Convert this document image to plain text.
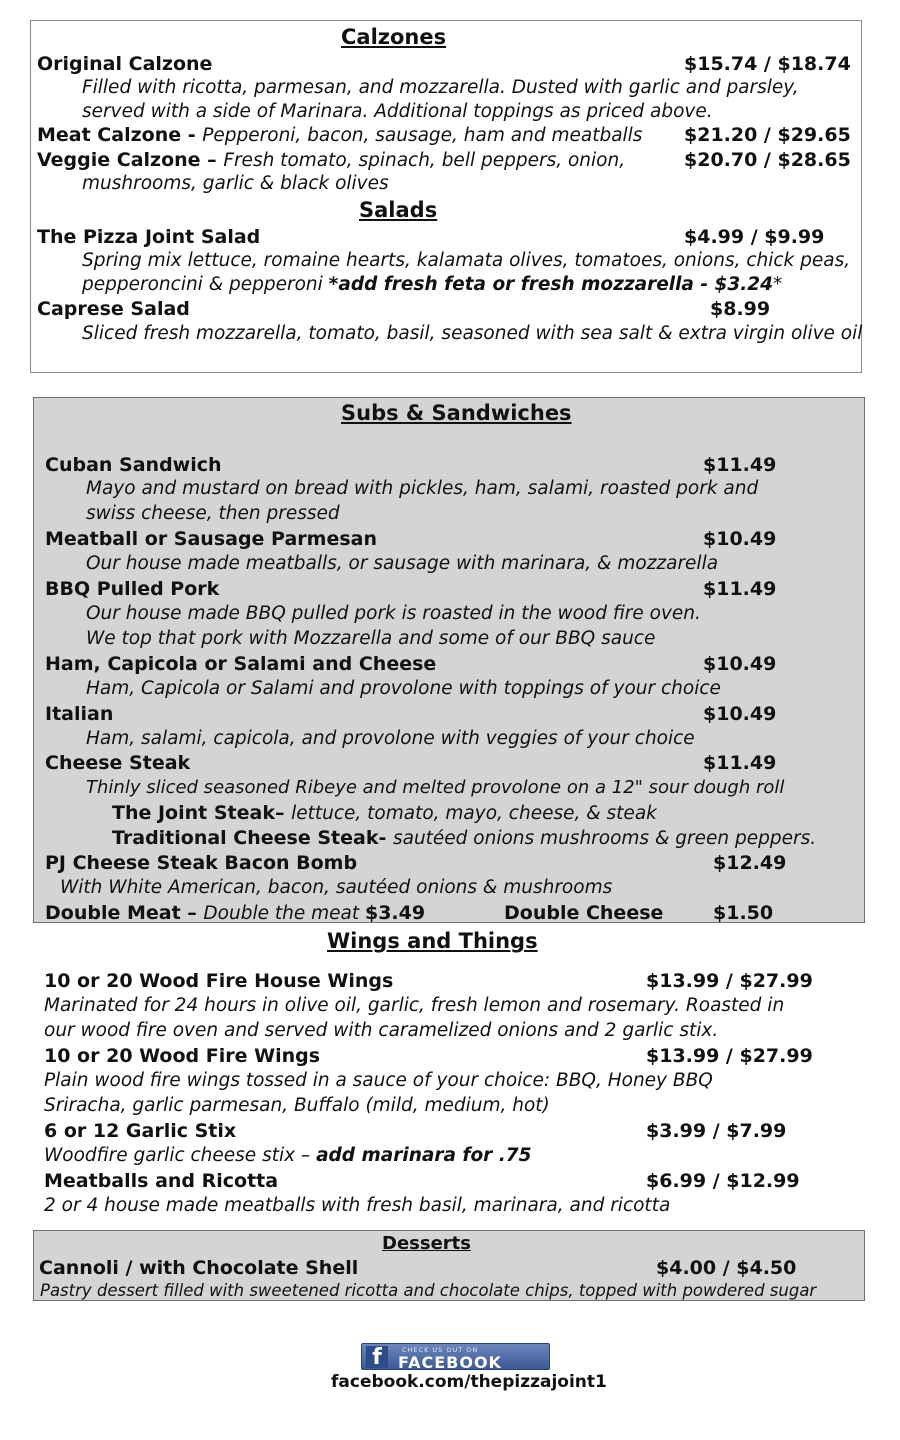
Calzones
Original Calzone	$15.74 / $18.74
Filled with ricotta, parmesan, and mozzarella. Dusted with garlic and parsley,
served with a side of Marinara. Additional toppings as priced above.
Meat Calzone - Pepperoni, bacon, sausage, ham and meatballs $21.20 / $29.65
Veggie Calzone – Fresh tomato, spinach, bell peppers, onion,	$20.70 / $28.65
mushrooms, garlic & black olives
Salads
The Pizza Joint Salad	$4.99 / $9.99
Spring mix lettuce, romaine hearts, kalamata olives, tomatoes, onions, chick peas,
pepperoncini & pepperoni *add fresh feta or fresh mozzarella - $3.24*
Caprese Salad	$8.99
Sliced fresh mozzarella, tomato, basil, seasoned with sea salt & extra virgin olive oil
Subs & Sandwiches
Cuban Sandwich	$11.49
Mayo and mustard on bread with pickles, ham, salami, roasted pork and
swiss cheese, then pressed
Meatball or Sausage Parmesan	$10.49
Our house made meatballs, or sausage with marinara, & mozzarella
BBQ Pulled Pork	$11.49
Our house made BBQ pulled pork is roasted in the wood fire oven.
We top that pork with Mozzarella and some of our BBQ sauce
Ham, Capicola or Salami and Cheese	$10.49
Ham, Capicola or Salami and provolone with toppings of your choice
Italian	$10.49
Ham, salami, capicola, and provolone with veggies of your choice
Cheese Steak	$11.49
Thinly sliced seasoned Ribeye and melted provolone on a 12" sour dough roll
The Joint Steak– lettuce, tomato, mayo, cheese, & steak
Traditional Cheese Steak- sautéed onions mushrooms & green peppers.
PJ Cheese Steak Bacon Bomb	$12.49
With White American, bacon, sautéed onions & mushrooms
Double Meat – Double the meat $3.49	Double Cheese	$1.50
Wings and Things
10 or 20 Wood Fire House Wings	$13.99 / $27.99
Marinated for 24 hours in olive oil, garlic, fresh lemon and rosemary. Roasted in
our wood fire oven and served with caramelized onions and 2 garlic stix.
10 or 20 Wood Fire Wings	$13.99 / $27.99
Plain wood fire wings tossed in a sauce of your choice: BBQ, Honey BBQ
Sriracha, garlic parmesan, Buffalo (mild, medium, hot)
6 or 12 Garlic Stix	$3.99 / $7.99
Woodfire garlic cheese stix – add marinara for .75
Meatballs and Ricotta	$6.99 / $12.99
2 or 4 house made meatballs with fresh basil, marinara, and ricotta
Desserts
Cannoli / with Chocolate Shell	$4.00 / $4.50
Pastry dessert filled with sweetened ricotta and chocolate chips, topped with powdered sugar
f	CHECK US OUT ON
FACEBOOK
facebook.com/thepizzajoint1
